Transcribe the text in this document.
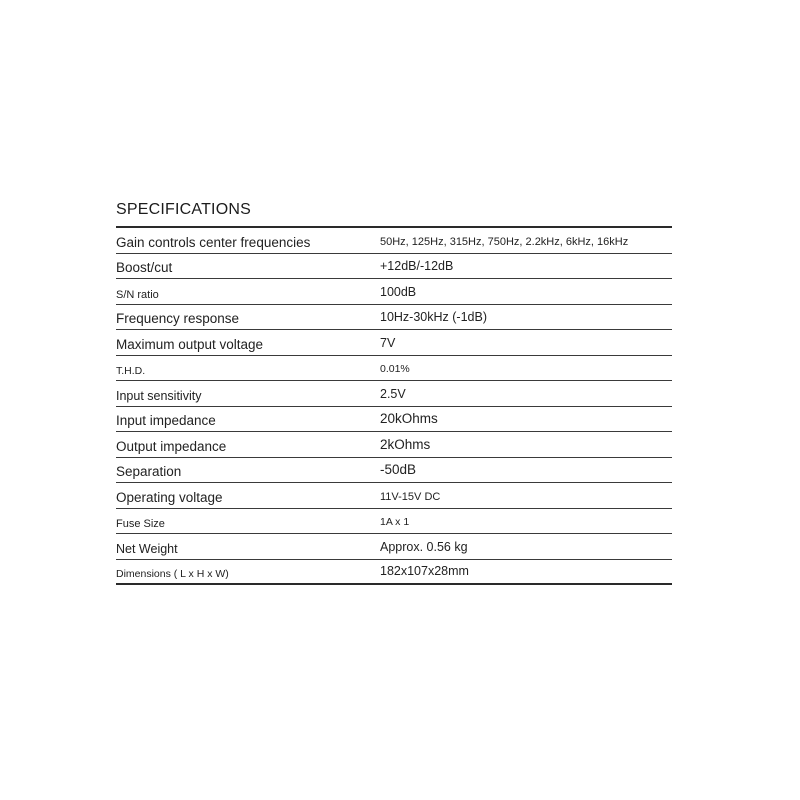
SPECIFICATIONS
Gain controls center frequencies	50Hz, 125Hz, 315Hz, 750Hz, 2.2kHz, 6kHz, 16kHz
Boost/cut	+12dB/-12dB
S/N ratio	100dB
Frequency response	10Hz-30kHz (-1dB)
Maximum output voltage	7V
T.H.D.	0.01%
Input sensitivity	2.5V
Input impedance	20kOhms
Output impedance	2kOhms
Separation	-50dB
Operating voltage	11V-15V DC
Fuse Size	1A x 1
Net Weight	Approx. 0.56 kg
Dimensions ( L x H x W)	182x107x28mm
